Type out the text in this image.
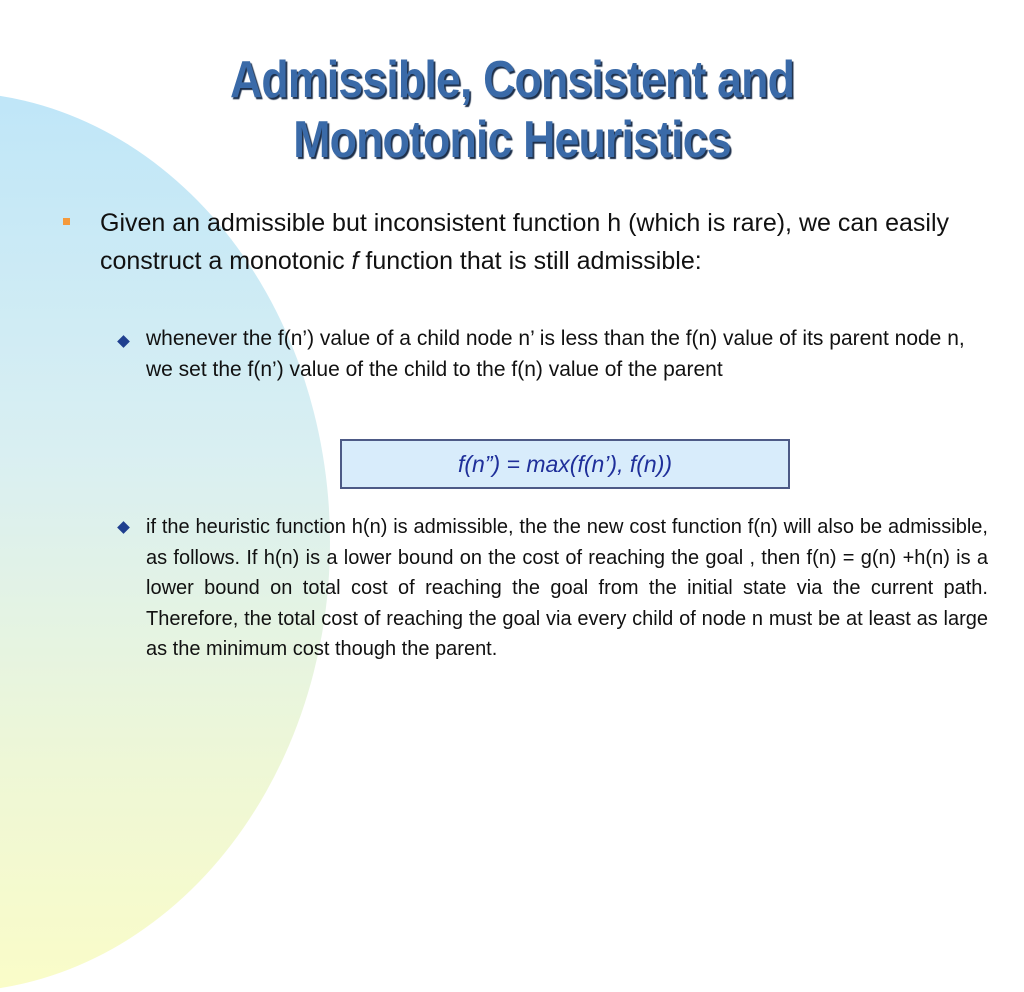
Admissible, Consistent and
Monotonic Heuristics
Given an admissible but inconsistent function h (which is rare), we can easily construct a monotonic f function that is still admissible:
whenever the f(n’) value of a child node n’ is less than the f(n) value of its parent node n, we set the f(n’) value of the child to the f(n) value of the parent
f(n”) = max(f(n’), f(n))
if the heuristic function h(n) is admissible, the the new cost function f(n) will also be admissible, as follows. If h(n) is a lower bound on the cost of reaching the goal , then f(n) = g(n) +h(n) is a lower bound on total cost of reaching the goal from the initial state via the current path. Therefore, the total cost of reaching the goal via every child of node n must be at least as large as the minimum cost though the parent.
